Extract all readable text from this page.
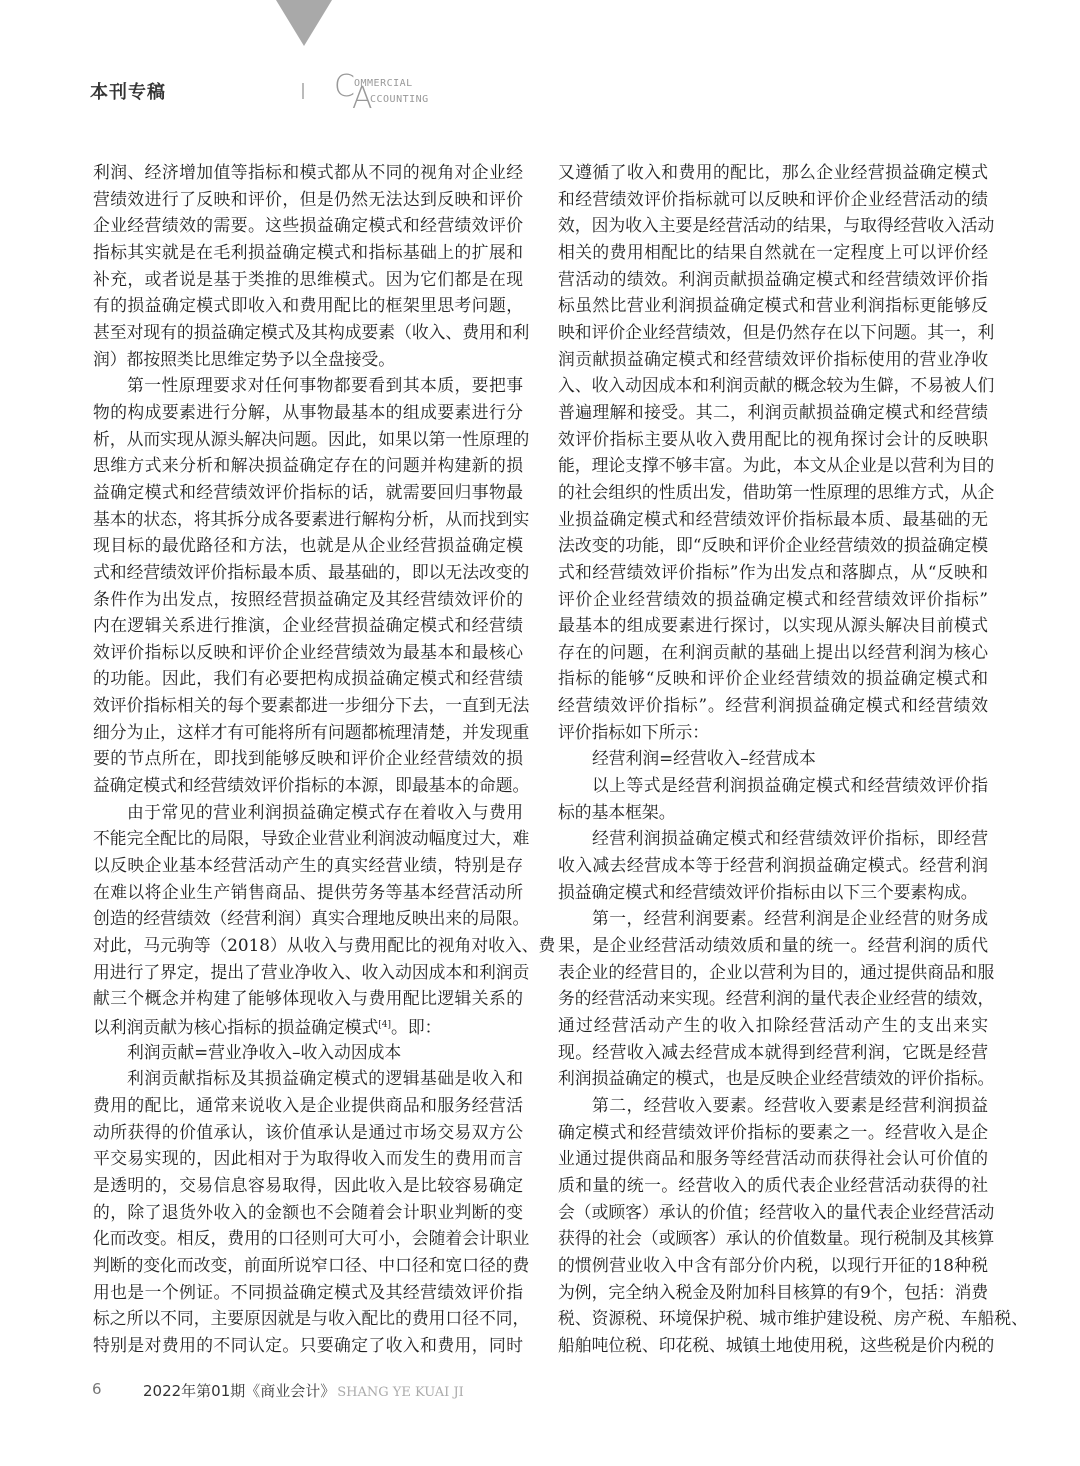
本刊专稿	C OMMERCIAL
A
CCOUNTING
利润、经济增加值等指标和模式都从不同的视角对企业经
营绩效进行了反映和评价，但是仍然无法达到反映和评价
企业经营绩效的需要。这些损益确定模式和经营绩效评价
指标其实就是在毛利损益确定模式和指标基础上的扩展和
补充，或者说是基于类推的思维模式。因为它们都是在现
有的损益确定模式即收入和费用配比的框架里思考问题，
甚至对现有的损益确定模式及其构成要素（收入、费用和利
润）都按照类比思维定势予以全盘接受。
第一性原理要求对任何事物都要看到其本质，要把事
物的构成要素进行分解，从事物最基本的组成要素进行分
析，从而实现从源头解决问题。因此，如果以第一性原理的
思维方式来分析和解决损益确定存在的问题并构建新的损
益确定模式和经营绩效评价指标的话，就需要回归事物最
基本的状态，将其拆分成各要素进行解构分析，从而找到实
现目标的最优路径和方法，也就是从企业经营损益确定模
式和经营绩效评价指标最本质、最基础的，即以无法改变的
条件作为出发点，按照经营损益确定及其经营绩效评价的
内在逻辑关系进行推演，企业经营损益确定模式和经营绩
效评价指标以反映和评价企业经营绩效为最基本和最核心
的功能。因此，我们有必要把构成损益确定模式和经营绩
效评价指标相关的每个要素都进一步细分下去，一直到无法
细分为止，这样才有可能将所有问题都梳理清楚，并发现重
要的节点所在，即找到能够反映和评价企业经营绩效的损
益确定模式和经营绩效评价指标的本源，即最基本的命题。
由于常见的营业利润损益确定模式存在着收入与费用
不能完全配比的局限，导致企业营业利润波动幅度过大，难
以反映企业基本经营活动产生的真实经营业绩，特别是存
在难以将企业生产销售商品、提供劳务等基本经营活动所
创造的经营绩效（经营利润）真实合理地反映出来的局限。
对此，马元驹等（2018）从收入与费用配比的视角对收入、费
用进行了界定，提出了营业净收入、收入动因成本和利润贡
献三个概念并构建了能够体现收入与费用配比逻辑关系的
以利润贡献为核心指标的损益确定模式[4]。即：
利润贡献=营业净收入–收入动因成本
利润贡献指标及其损益确定模式的逻辑基础是收入和
费用的配比，通常来说收入是企业提供商品和服务经营活
动所获得的价值承认，该价值承认是通过市场交易双方公
平交易实现的，因此相对于为取得收入而发生的费用而言
是透明的，交易信息容易取得，因此收入是比较容易确定
的，除了退货外收入的金额也不会随着会计职业判断的变
化而改变。相反，费用的口径则可大可小，会随着会计职业
判断的变化而改变，前面所说窄口径、中口径和宽口径的费
用也是一个例证。不同损益确定模式及其经营绩效评价指
标之所以不同，主要原因就是与收入配比的费用口径不同，
特别是对费用的不同认定。只要确定了收入和费用，同时
又遵循了收入和费用的配比，那么企业经营损益确定模式
和经营绩效评价指标就可以反映和评价企业经营活动的绩
效，因为收入主要是经营活动的结果，与取得经营收入活动
相关的费用相配比的结果自然就在一定程度上可以评价经
营活动的绩效。利润贡献损益确定模式和经营绩效评价指
标虽然比营业利润损益确定模式和营业利润指标更能够反
映和评价企业经营绩效，但是仍然存在以下问题。其一，利
润贡献损益确定模式和经营绩效评价指标使用的营业净收
入、收入动因成本和利润贡献的概念较为生僻，不易被人们
普遍理解和接受。其二，利润贡献损益确定模式和经营绩
效评价指标主要从收入费用配比的视角探讨会计的反映职
能，理论支撑不够丰富。为此，本文从企业是以营利为目的
的社会组织的性质出发，借助第一性原理的思维方式，从企
业损益确定模式和经营绩效评价指标最本质、最基础的无
法改变的功能，即“反映和评价企业经营绩效的损益确定模
式和经营绩效评价指标”作为出发点和落脚点，从“反映和
评价企业经营绩效的损益确定模式和经营绩效评价指标”
最基本的组成要素进行探讨，以实现从源头解决目前模式
存在的问题，在利润贡献的基础上提出以经营利润为核心
指标的能够“反映和评价企业经营绩效的损益确定模式和
经营绩效评价指标”。经营利润损益确定模式和经营绩效
评价指标如下所示：
经营利润=经营收入–经营成本
以上等式是经营利润损益确定模式和经营绩效评价指
标的基本框架。
经营利润损益确定模式和经营绩效评价指标，即经营
收入减去经营成本等于经营利润损益确定模式。经营利润
损益确定模式和经营绩效评价指标由以下三个要素构成。
第一，经营利润要素。经营利润是企业经营的财务成
果，是企业经营活动绩效质和量的统一。经营利润的质代
表企业的经营目的，企业以营利为目的，通过提供商品和服
务的经营活动来实现。经营利润的量代表企业经营的绩效，
通过经营活动产生的收入扣除经营活动产生的支出来实
现。经营收入减去经营成本就得到经营利润，它既是经营
利润损益确定的模式，也是反映企业经营绩效的评价指标。
第二，经营收入要素。经营收入要素是经营利润损益
确定模式和经营绩效评价指标的要素之一。经营收入是企
业通过提供商品和服务等经营活动而获得社会认可价值的
质和量的统一。经营收入的质代表企业经营活动获得的社
会（或顾客）承认的价值；经营收入的量代表企业经营活动
获得的社会（或顾客）承认的价值数量。现行税制及其核算
的惯例营业收入中含有部分价内税，以现行开征的18种税
为例，完全纳入税金及附加科目核算的有9个，包括：消费
税、资源税、环境保护税、城市维护建设税、房产税、车船税、
船舶吨位税、印花税、城镇土地使用税，这些税是价内税的
6	2022年第01期《商业会计》 SHANG YE KUAI JI
